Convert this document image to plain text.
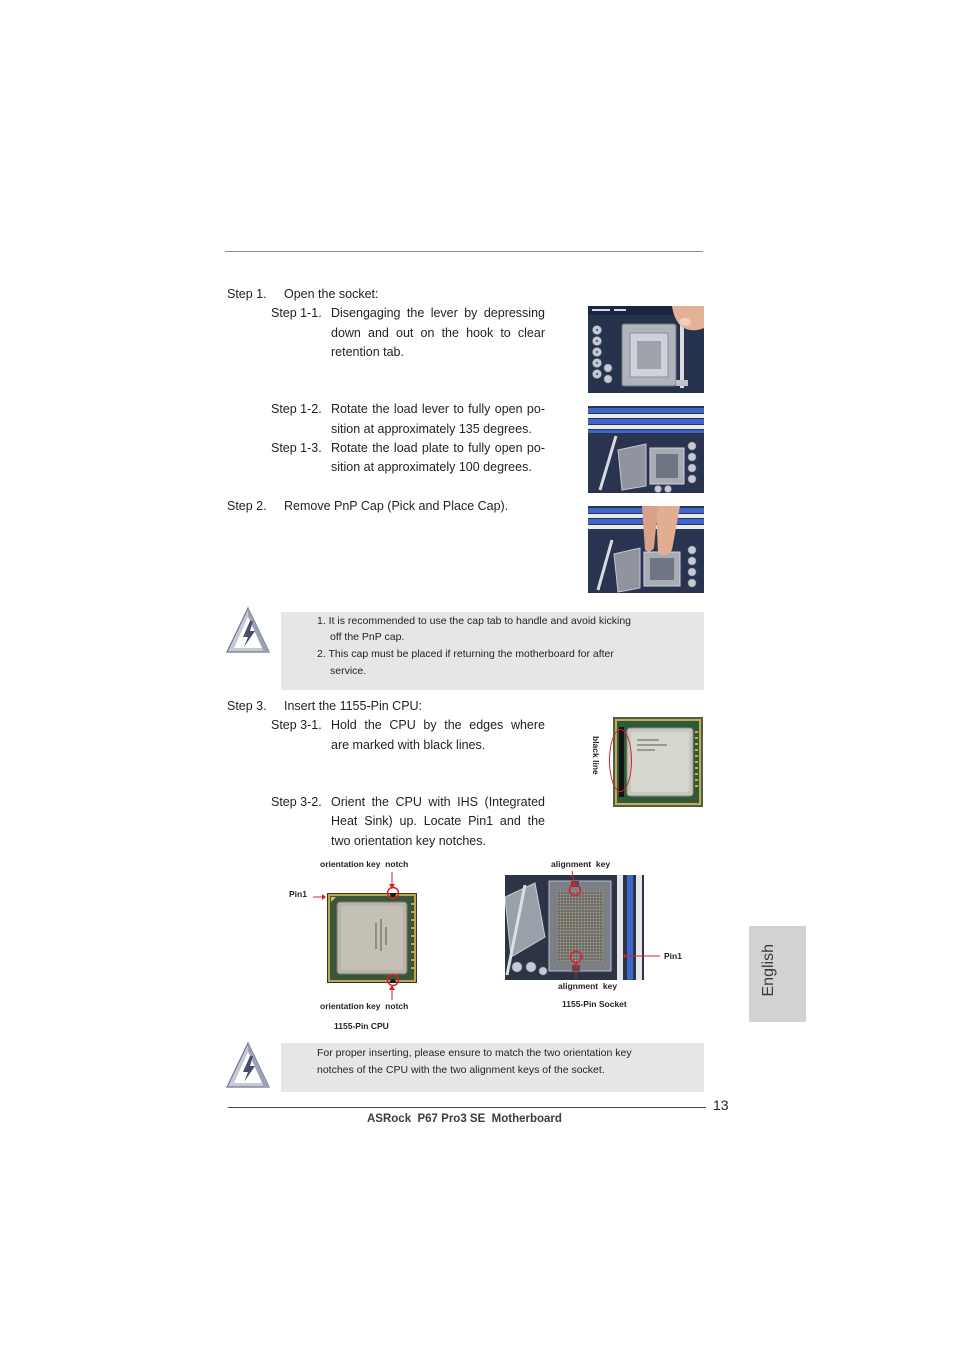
Step 1. Open the socket:
Step 1-1. Disengaging the lever by depressing
down and out on the hook to clear
retention tab.
Step 1-2. Rotate the load lever to fully open po-
sition at approximately 135 degrees.
Step 1-3. Rotate the load plate to fully open po-
sition at approximately 100 degrees.
Step 2. Remove PnP Cap (Pick and Place Cap).
1. It is recommended to use the cap tab to handle and avoid kicking
off the PnP cap.
2. This cap must be placed if returning the motherboard for after
service.
Step 3. Insert the 1155-Pin CPU:
Step 3-1. Hold the CPU by the edges where
are marked with black lines.
Step 3-2. Orient the CPU with IHS (Integrated
Heat Sink) up. Locate Pin1 and the
two orientation key notches.
black line
orientation key  notch
Pin1
orientation key  notch
1155-Pin CPU
alignment  key
Pin1
alignment  key
1155-Pin Socket
For proper inserting, please ensure to match the two orientation key
notches of the CPU with the two alignment keys of the socket.
English
13
ASRock  P67 Pro3 SE  Motherboard
